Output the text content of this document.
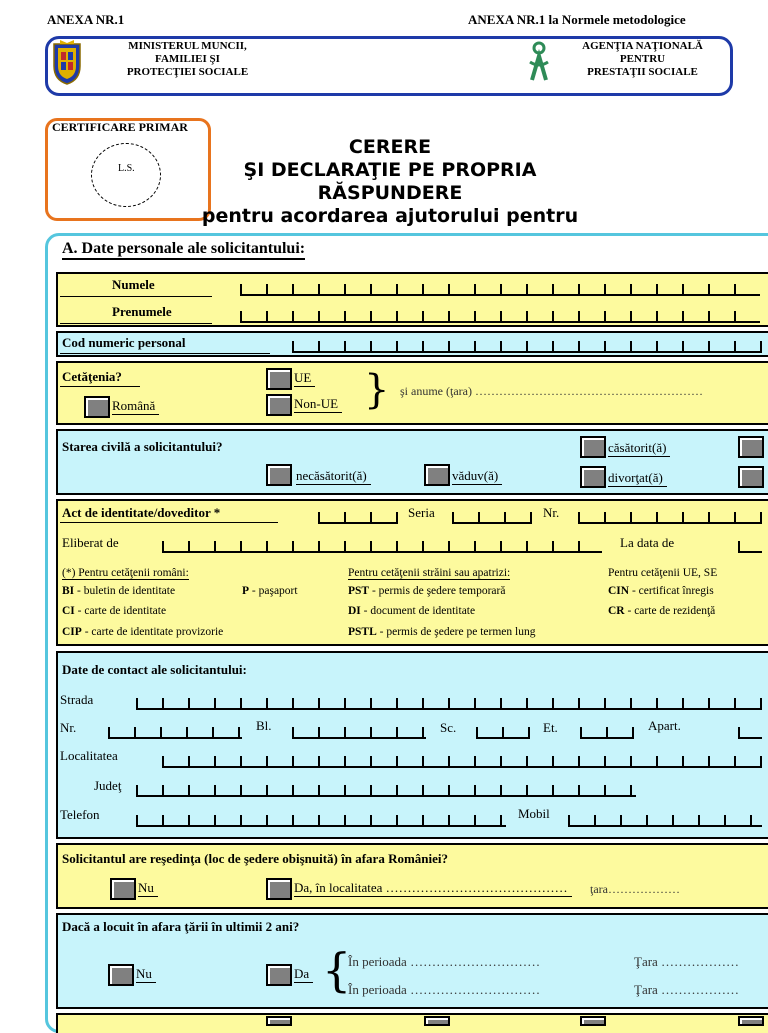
ANEXA NR.1	ANEXA NR.1 la Normele metodologice
MINISTERUL MUNCII,
FAMILIEI ŞI
PROTECŢIEI SOCIALE
AGENŢIA NAŢIONALĂ
PENTRU
PRESTAŢII SOCIALE
CERTIFICARE PRIMAR
L.S.
CERERE
ŞI DECLARAŢIE PE PROPRIA
RĂSPUNDERE
pentru acordarea ajutorului pentru
A. Date personale ale solicitantului:
Numele
Prenumele
Cod numeric personal
Cetăţenia?
Română
UE
Non-UE } şi anume (ţara) …………………………………………………
Starea civilă a solicitantului?	căsătorit(ă)
necăsătorit(ă)	văduv(ă)	divorţat(ă)
Act de identitate/doveditor *	Seria	Nr.
Eliberat de	La data de
(*) Pentru cetăţenii români:
BI - buletin de identitate	P - paşaport
CI - carte de identitate
CIP - carte de identitate provizorie
Pentru cetăţenii străini sau apatrizi:
PST - permis de şedere temporară
DI - document de identitate
PSTL - permis de şedere pe termen lung
Pentru cetăţenii UE, SE
CIN - certificat înregis
CR - carte de rezidenţă
Date de contact ale solicitantului:
Strada
Nr.	Bl.	Sc.	Et.	Apart.
Localitatea
Judeţ
Telefon	Mobil
Solicitantul are reşedinţa (loc de şedere obişnuită) în afara României?
Nu	Da, în localitatea ……………………………………	ţara………………
Dacă a locuit în afara ţării în ultimii 2 ani?
Nu	Da {
În perioada …………………………	Ţara ………………
În perioada …………………………	Ţara ………………
